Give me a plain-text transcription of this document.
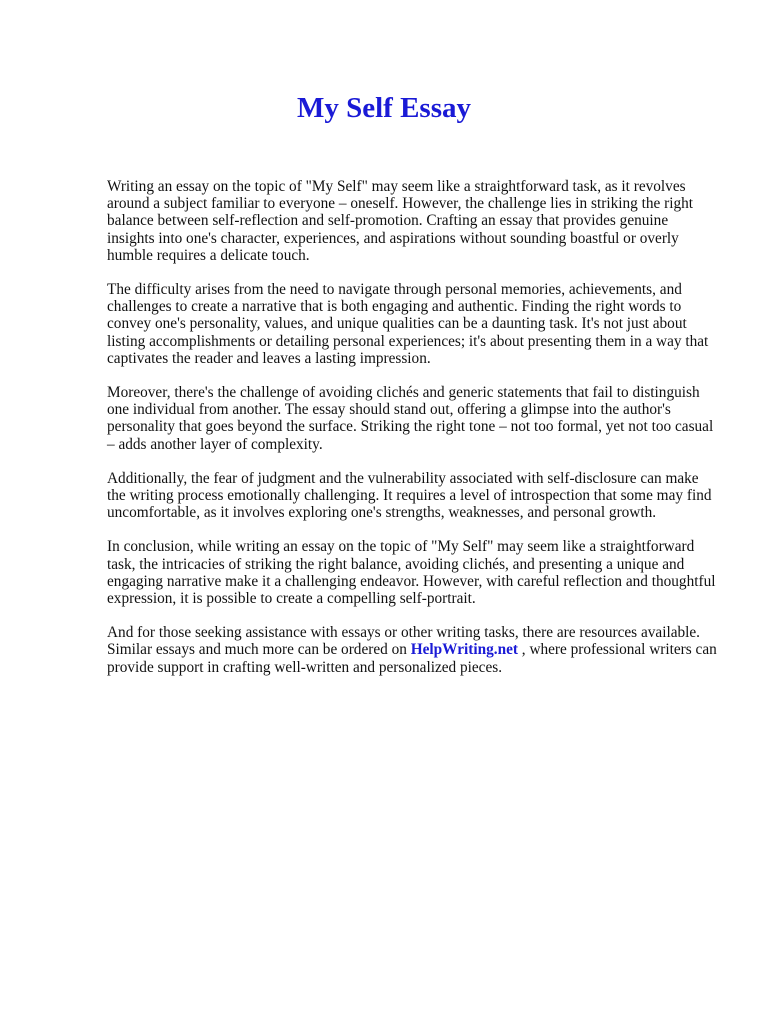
My Self Essay

Writing an essay on the topic of "My Self" may seem like a straightforward task, as it revolves around a subject familiar to everyone – oneself. However, the challenge lies in striking the right balance between self-reflection and self-promotion. Crafting an essay that provides genuine insights into one's character, experiences, and aspirations without sounding boastful or overly humble requires a delicate touch.

The difficulty arises from the need to navigate through personal memories, achievements, and challenges to create a narrative that is both engaging and authentic. Finding the right words to convey one's personality, values, and unique qualities can be a daunting task. It's not just about listing accomplishments or detailing personal experiences; it's about presenting them in a way that captivates the reader and leaves a lasting impression.

Moreover, there's the challenge of avoiding clichés and generic statements that fail to distinguish one individual from another. The essay should stand out, offering a glimpse into the author's personality that goes beyond the surface. Striking the right tone – not too formal, yet not too casual – adds another layer of complexity.

Additionally, the fear of judgment and the vulnerability associated with self-disclosure can make the writing process emotionally challenging. It requires a level of introspection that some may find uncomfortable, as it involves exploring one's strengths, weaknesses, and personal growth.

In conclusion, while writing an essay on the topic of "My Self" may seem like a straightforward task, the intricacies of striking the right balance, avoiding clichés, and presenting a unique and engaging narrative make it a challenging endeavor. However, with careful reflection and thoughtful expression, it is possible to create a compelling self-portrait.

And for those seeking assistance with essays or other writing tasks, there are resources available. Similar essays and much more can be ordered on HelpWriting.net , where professional writers can provide support in crafting well-written and personalized pieces.
